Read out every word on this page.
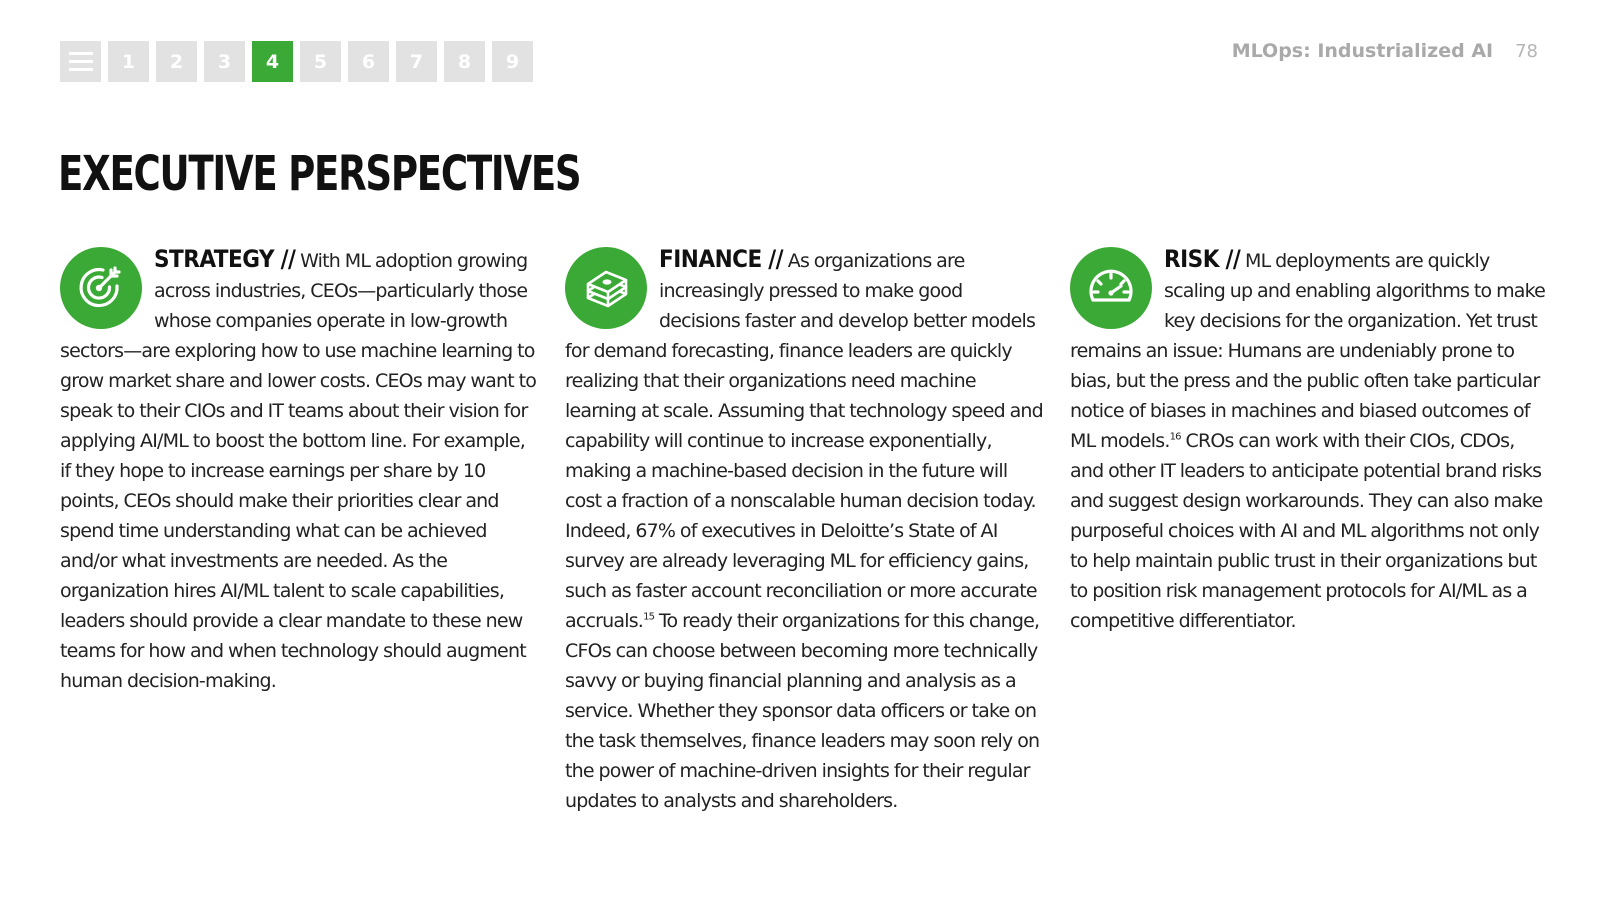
1	2	3	4	5	6	7	8	9	MLOps: Industrialized AI 78
EXECUTIVE PERSPECTIVES

STRATEGY // With ML adoption growing across industries, CEOs—particularly those whose companies operate in low-growth sectors—are exploring how to use machine learning to grow market share and lower costs. CEOs may want to speak to their CIOs and IT teams about their vision for applying AI/ML to boost the bottom line. For example, if they hope to increase earnings per share by 10 points, CEOs should make their priorities clear and spend time understanding what can be achieved and/or what investments are needed. As the organization hires AI/ML talent to scale capabilities, leaders should provide a clear mandate to these new teams for how and when technology should augment human decision-making.

FINANCE // As organizations are increasingly pressed to make good decisions faster and develop better models for demand forecasting, finance leaders are quickly realizing that their organizations need machine learning at scale. Assuming that technology speed and capability will continue to increase exponentially, making a machine-based decision in the future will cost a fraction of a nonscalable human decision today. Indeed, 67% of executives in Deloitte’s State of AI survey are already leveraging ML for efficiency gains, such as faster account reconciliation or more accurate accruals.$^{15}$ To ready their organizations for this change, CFOs can choose between becoming more technically savvy or buying financial planning and analysis as a service. Whether they sponsor data officers or take on the task themselves, finance leaders may soon rely on the power of machine-driven insights for their regular updates to analysts and shareholders.

RISK // ML deployments are quickly scaling up and enabling algorithms to make key decisions for the organization. Yet trust remains an issue: Humans are undeniably prone to bias, but the press and the public often take particular notice of biases in machines and biased outcomes of ML models.$^{16}$ CROs can work with their CIOs, CDOs, and other IT leaders to anticipate potential brand risks and suggest design workarounds. They can also make purposeful choices with AI and ML algorithms not only to help maintain public trust in their organizations but to position risk management protocols for AI/ML as a competitive differentiator.
